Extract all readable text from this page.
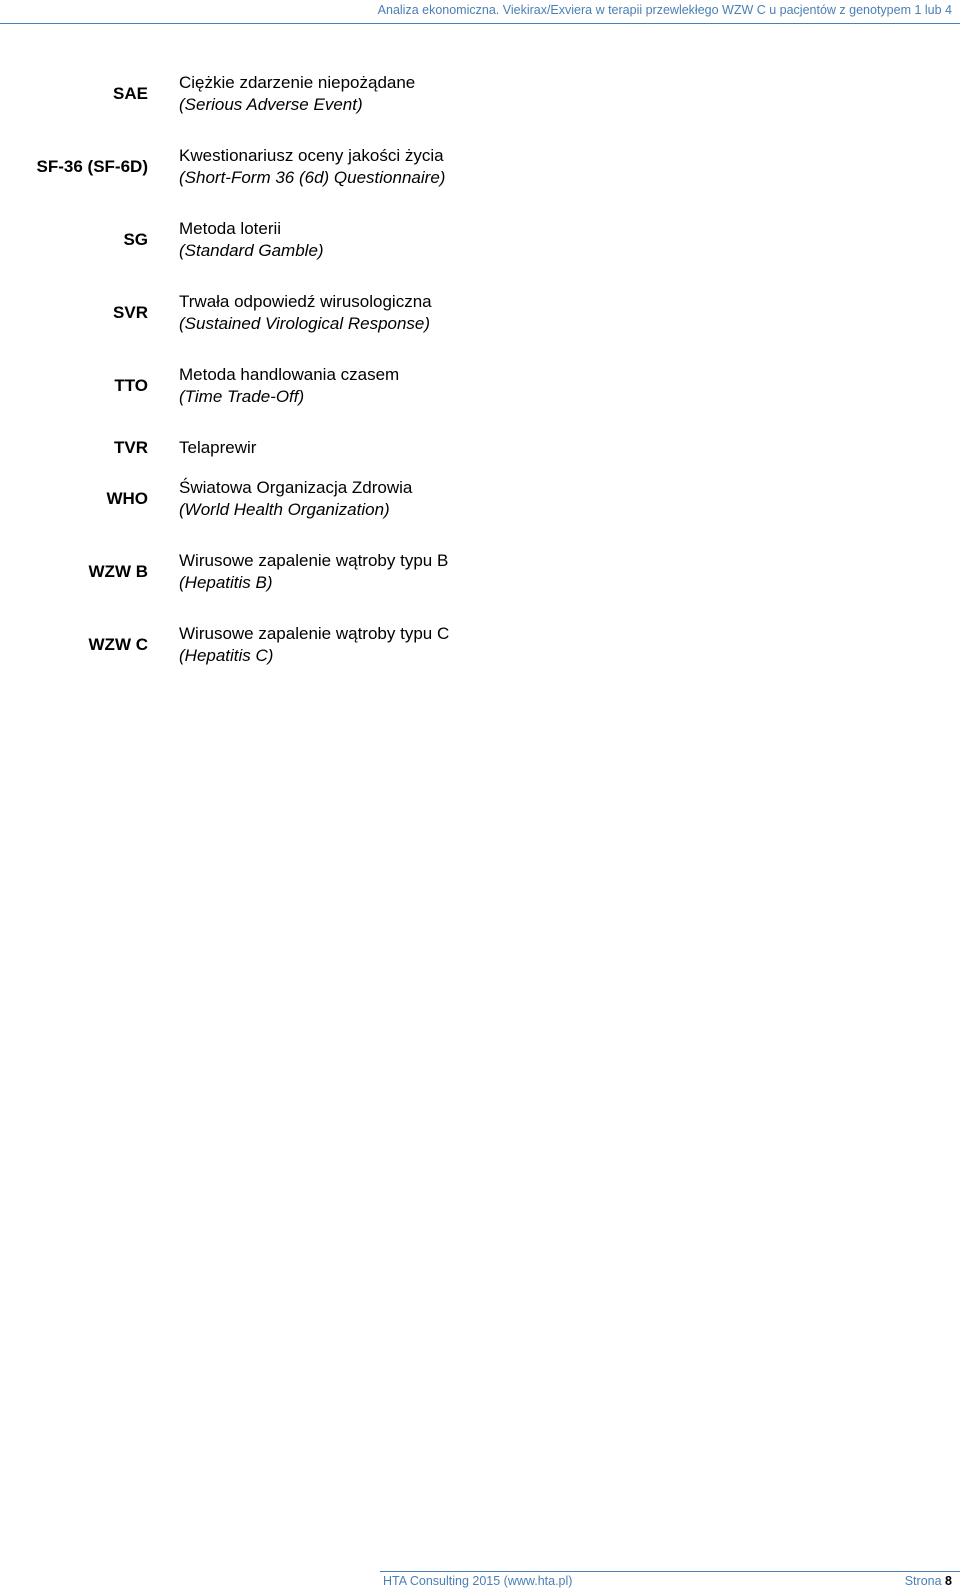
Analiza ekonomiczna. Viekirax/Exviera w terapii przewlekłego WZW C u pacjentów z genotypem 1 lub 4
SAE
Ciężkie zdarzenie niepożądane
(Serious Adverse Event)
SF-36 (SF-6D)
Kwestionariusz oceny jakości życia
(Short-Form 36 (6d) Questionnaire)
SG
Metoda loterii
(Standard Gamble)
SVR
Trwała odpowiedź wirusologiczna
(Sustained Virological Response)
TTO
Metoda handlowania czasem
(Time Trade-Off)
TVR Telaprewir
WHO
Światowa Organizacja Zdrowia
(World Health Organization)
WZW B
Wirusowe zapalenie wątroby typu B
(Hepatitis B)
WZW C
Wirusowe zapalenie wątroby typu C
(Hepatitis C)
HTA Consulting 2015 (www.hta.pl)	Strona 8
